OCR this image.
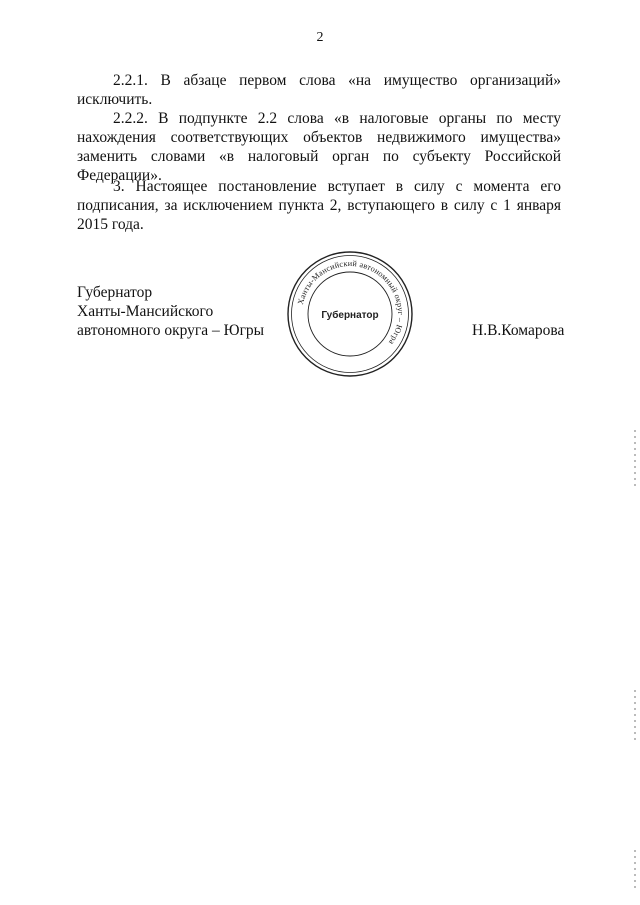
2

2.2.1. В абзаце первом слова «на имущество организаций» исключить.

2.2.2. В подпункте 2.2 слова «в налоговые органы по месту нахождения соответствующих объектов недвижимого имущества» заменить словами «в налоговый орган по субъекту Российской Федерации».

3. Настоящее постановление вступает в силу с момента его подписания, за исключением пункта 2, вступающего в силу с 1 января 2015 года.

Губернатор
Ханты-Мансийского
автономного округа – Югры	Н.В.Комарова
Ханты-Мансийский автономный округ – Югра
Губернатор
